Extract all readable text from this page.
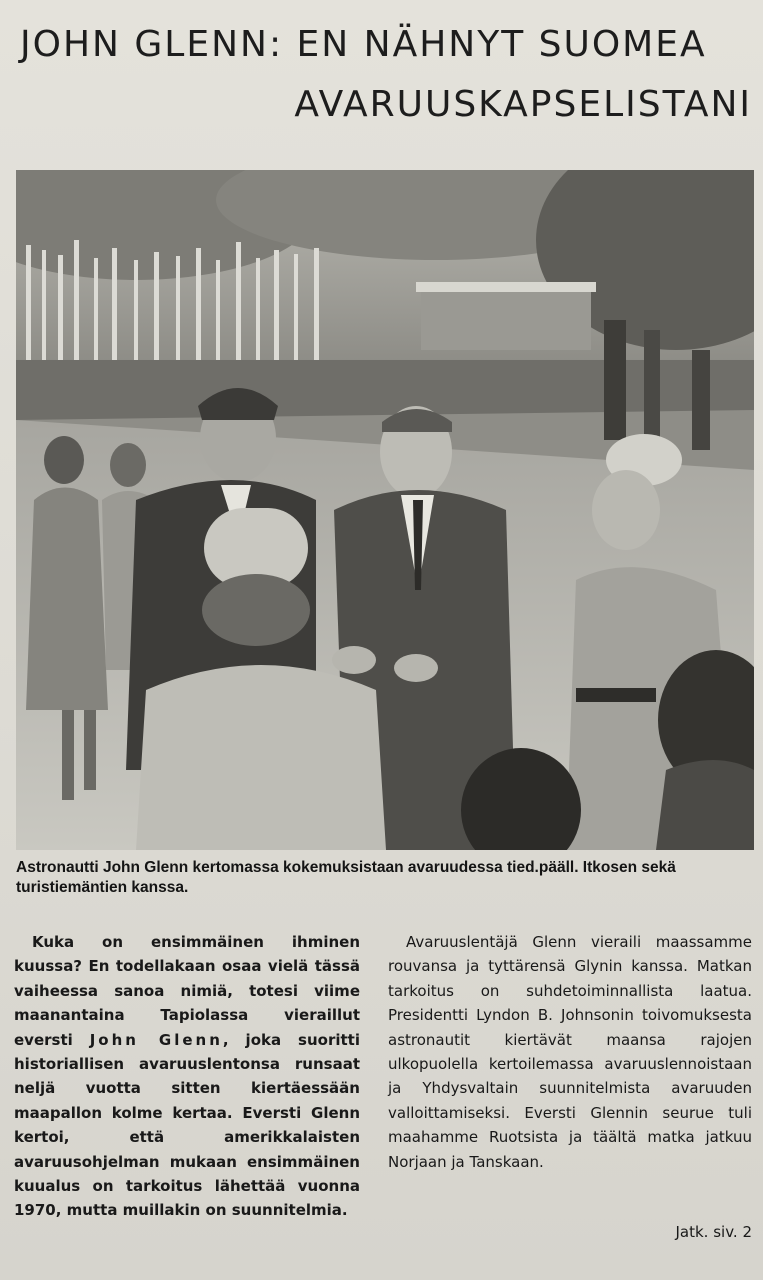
JOHN GLENN: EN NÄHNYT SUOMEA
AVARUUSKAPSELISTANI

Astronautti John Glenn kertomassa kokemuksistaan avaruudessa tied.pääll. Itkosen sekä turistiemäntien kanssa.

Kuka on ensimmäinen ihminen kuussa? En todellakaan osaa vielä tässä vaiheessa sanoa nimiä, totesi viime maanantaina Tapiolassa vieraillut eversti John Glenn, joka suoritti historiallisen avaruuslentonsa runsaat neljä vuotta sitten kiertäessään maapallon kolme kertaa. Eversti Glenn kertoi, että amerikkalaisten avaruusohjelman mukaan ensimmäinen kuualus on tarkoitus lähettää vuonna 1970, mutta muillakin on suunnitelmia.

Avaruuslentäjä Glenn vieraili maassamme rouvansa ja tyttärensä Glynin kanssa. Matkan tarkoitus on suhdetoiminnallista laatua. Presidentti Lyndon B. Johnsonin toivomuksesta astronautit kiertävät maansa rajojen ulkopuolella kertoilemassa avaruuslennoistaan ja Yhdysvaltain suunnitelmista avaruuden valloittamiseksi. Eversti Glennin seurue tuli maahamme Ruotsista ja täältä matka jatkuu Norjaan ja Tanskaan.

Jatk. siv. 2
